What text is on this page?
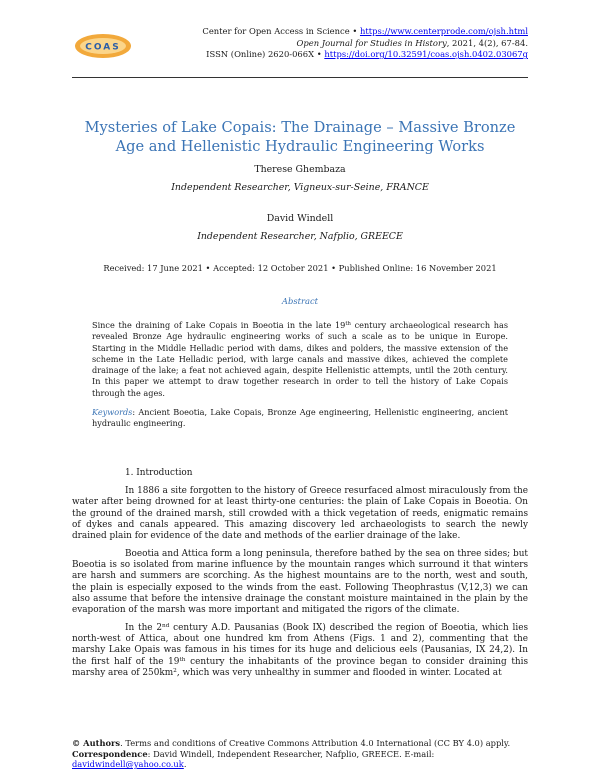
COAS
Center for Open Access in Science • https://www.centerprode.com/ojsh.html
Open Journal for Studies in History, 2021, 4(2), 67-84.
ISSN (Online) 2620-066X • https://doi.org/10.32591/coas.ojsh.0402.03067g
Mysteries of Lake Copais: The Drainage – Massive Bronze Age and Hellenistic Hydraulic Engineering Works

Therese Ghembaza

Independent Researcher, Vigneux-sur-Seine, FRANCE

David Windell

Independent Researcher, Nafplio, GREECE

Received: 17 June 2021 • Accepted: 12 October 2021 • Published Online: 16 November 2021
Abstract
Since the draining of Lake Copais in Boeotia in the late 19th century archaeological research has revealed Bronze Age hydraulic engineering works of such a scale as to be unique in Europe. Starting in the Middle Helladic period with dams, dikes and polders, the massive extension of the scheme in the Late Helladic period, with large canals and massive dikes, achieved the complete drainage of the lake; a feat not achieved again, despite Hellenistic attempts, until the 20th century. In this paper we attempt to draw together research in order to tell the history of Lake Copais through the ages.
Keywords: Ancient Boeotia, Lake Copais, Bronze Age engineering, Hellenistic engineering, ancient hydraulic engineering.
1. Introduction

In 1886 a site forgotten to the history of Greece resurfaced almost miraculously from the water after being drowned for at least thirty-one centuries: the plain of Lake Copais in Boeotia. On the ground of the drained marsh, still crowded with a thick vegetation of reeds, enigmatic remains of dykes and canals appeared. This amazing discovery led archaeologists to search the newly drained plain for evidence of the date and methods of the earlier drainage of the lake.

Boeotia and Attica form a long peninsula, therefore bathed by the sea on three sides; but Boeotia is so isolated from marine influence by the mountain ranges which surround it that winters are harsh and summers are scorching. As the highest mountains are to the north, west and south, the plain is especially exposed to the winds from the east. Following Theophrastus (V,12,3) we can also assume that before the intensive drainage the constant moisture maintained in the plain by the evaporation of the marsh was more important and mitigated the rigors of the climate.

In the 2nd century A.D. Pausanias (Book IX) described the region of Boeotia, which lies north-west of Attica, about one hundred km from Athens (Figs. 1 and 2), commenting that the marshy Lake Opais was famous in his times for its huge and delicious eels (Pausanias, IX 24,2). In the first half of the 19th century the inhabitants of the province began to consider draining this marshy area of $250km^2$, which was very unhealthy in summer and flooded in winter. Located at

© Authors. Terms and conditions of Creative Commons Attribution 4.0 International (CC BY 4.0) apply.
Correspondence: David Windell, Independent Researcher, Nafplio, GREECE. E-mail:
davidwindell@yahoo.co.uk.
